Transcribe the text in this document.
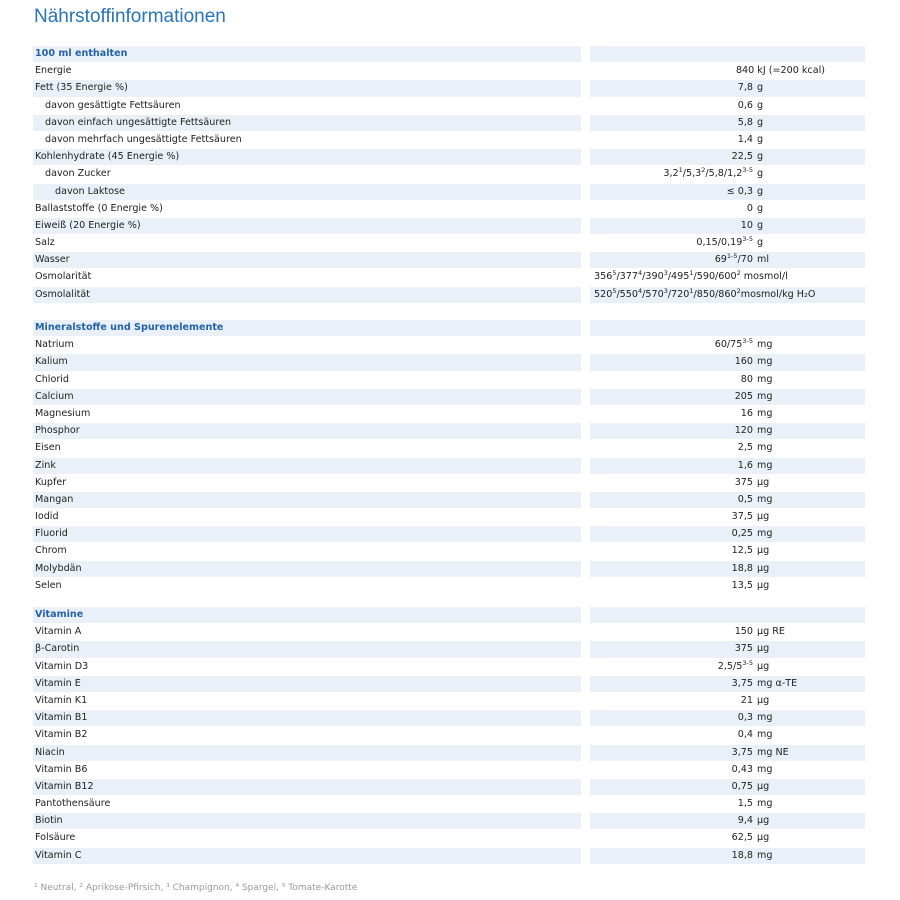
Nährstoffinformationen
100 ml enthalten
Energie	840 kJ (=200 kcal)
Fett (35 Energie %)	7,8 g
davon gesättigte Fettsäuren	0,6 g
davon einfach ungesättigte Fettsäuren	5,8 g
davon mehrfach ungesättigte Fettsäuren	1,4 g
Kohlenhydrate (45 Energie %)	22,5 g
davon Zucker	$3,2^1/5,3^2/5,8/1,2^{3-5}$ g
davon Laktose	≤ 0,3 g
Ballaststoffe (0 Energie %)	0 g
Eiweiß (20 Energie %)	10 g
Salz	0,15/0,19$^{3-5}$ g
Wasser	69$^{1-5}$/70 ml
Osmolarität	$356^5/377^4/390^3/495^1/590/600^2$ mosmol/l
Osmolalität	$520^5/550^4/570^3/720^1/850/860^2mosmol/kg$ H₂O
Mineralstoffe und Spurenelemente
Natrium	60/75$^{3-5}$ mg
Kalium	160 mg
Chlorid	80 mg
Calcium	205 mg
Magnesium	16 mg
Phosphor	120 mg
Eisen	2,5 mg
Zink	1,6 mg
Kupfer	375 µg
Mangan	0,5 mg
Iodid	37,5 µg
Fluorid	0,25 mg
Chrom	12,5 µg
Molybdän	18,8 µg
Selen	13,5 µg
Vitamine
Vitamin A	150 µg RE
β-Carotin	375 µg
Vitamin D3	2,5/5$^{3-5}$ µg
Vitamin E	3,75 mg α-TE
Vitamin K1	21 µg
Vitamin B1	0,3 mg
Vitamin B2	0,4 mg
Niacin	3,75 mg NE
Vitamin B6	0,43 mg
Vitamin B12	0,75 µg
Pantothensäure	1,5 mg
Biotin	9,4 µg
Folsäure	62,5 µg
Vitamin C	18,8 mg
¹ Neutral, ² Aprikose-Pfirsich, ³ Champignon, ⁴ Spargel, ⁵ Tomate-Karotte
